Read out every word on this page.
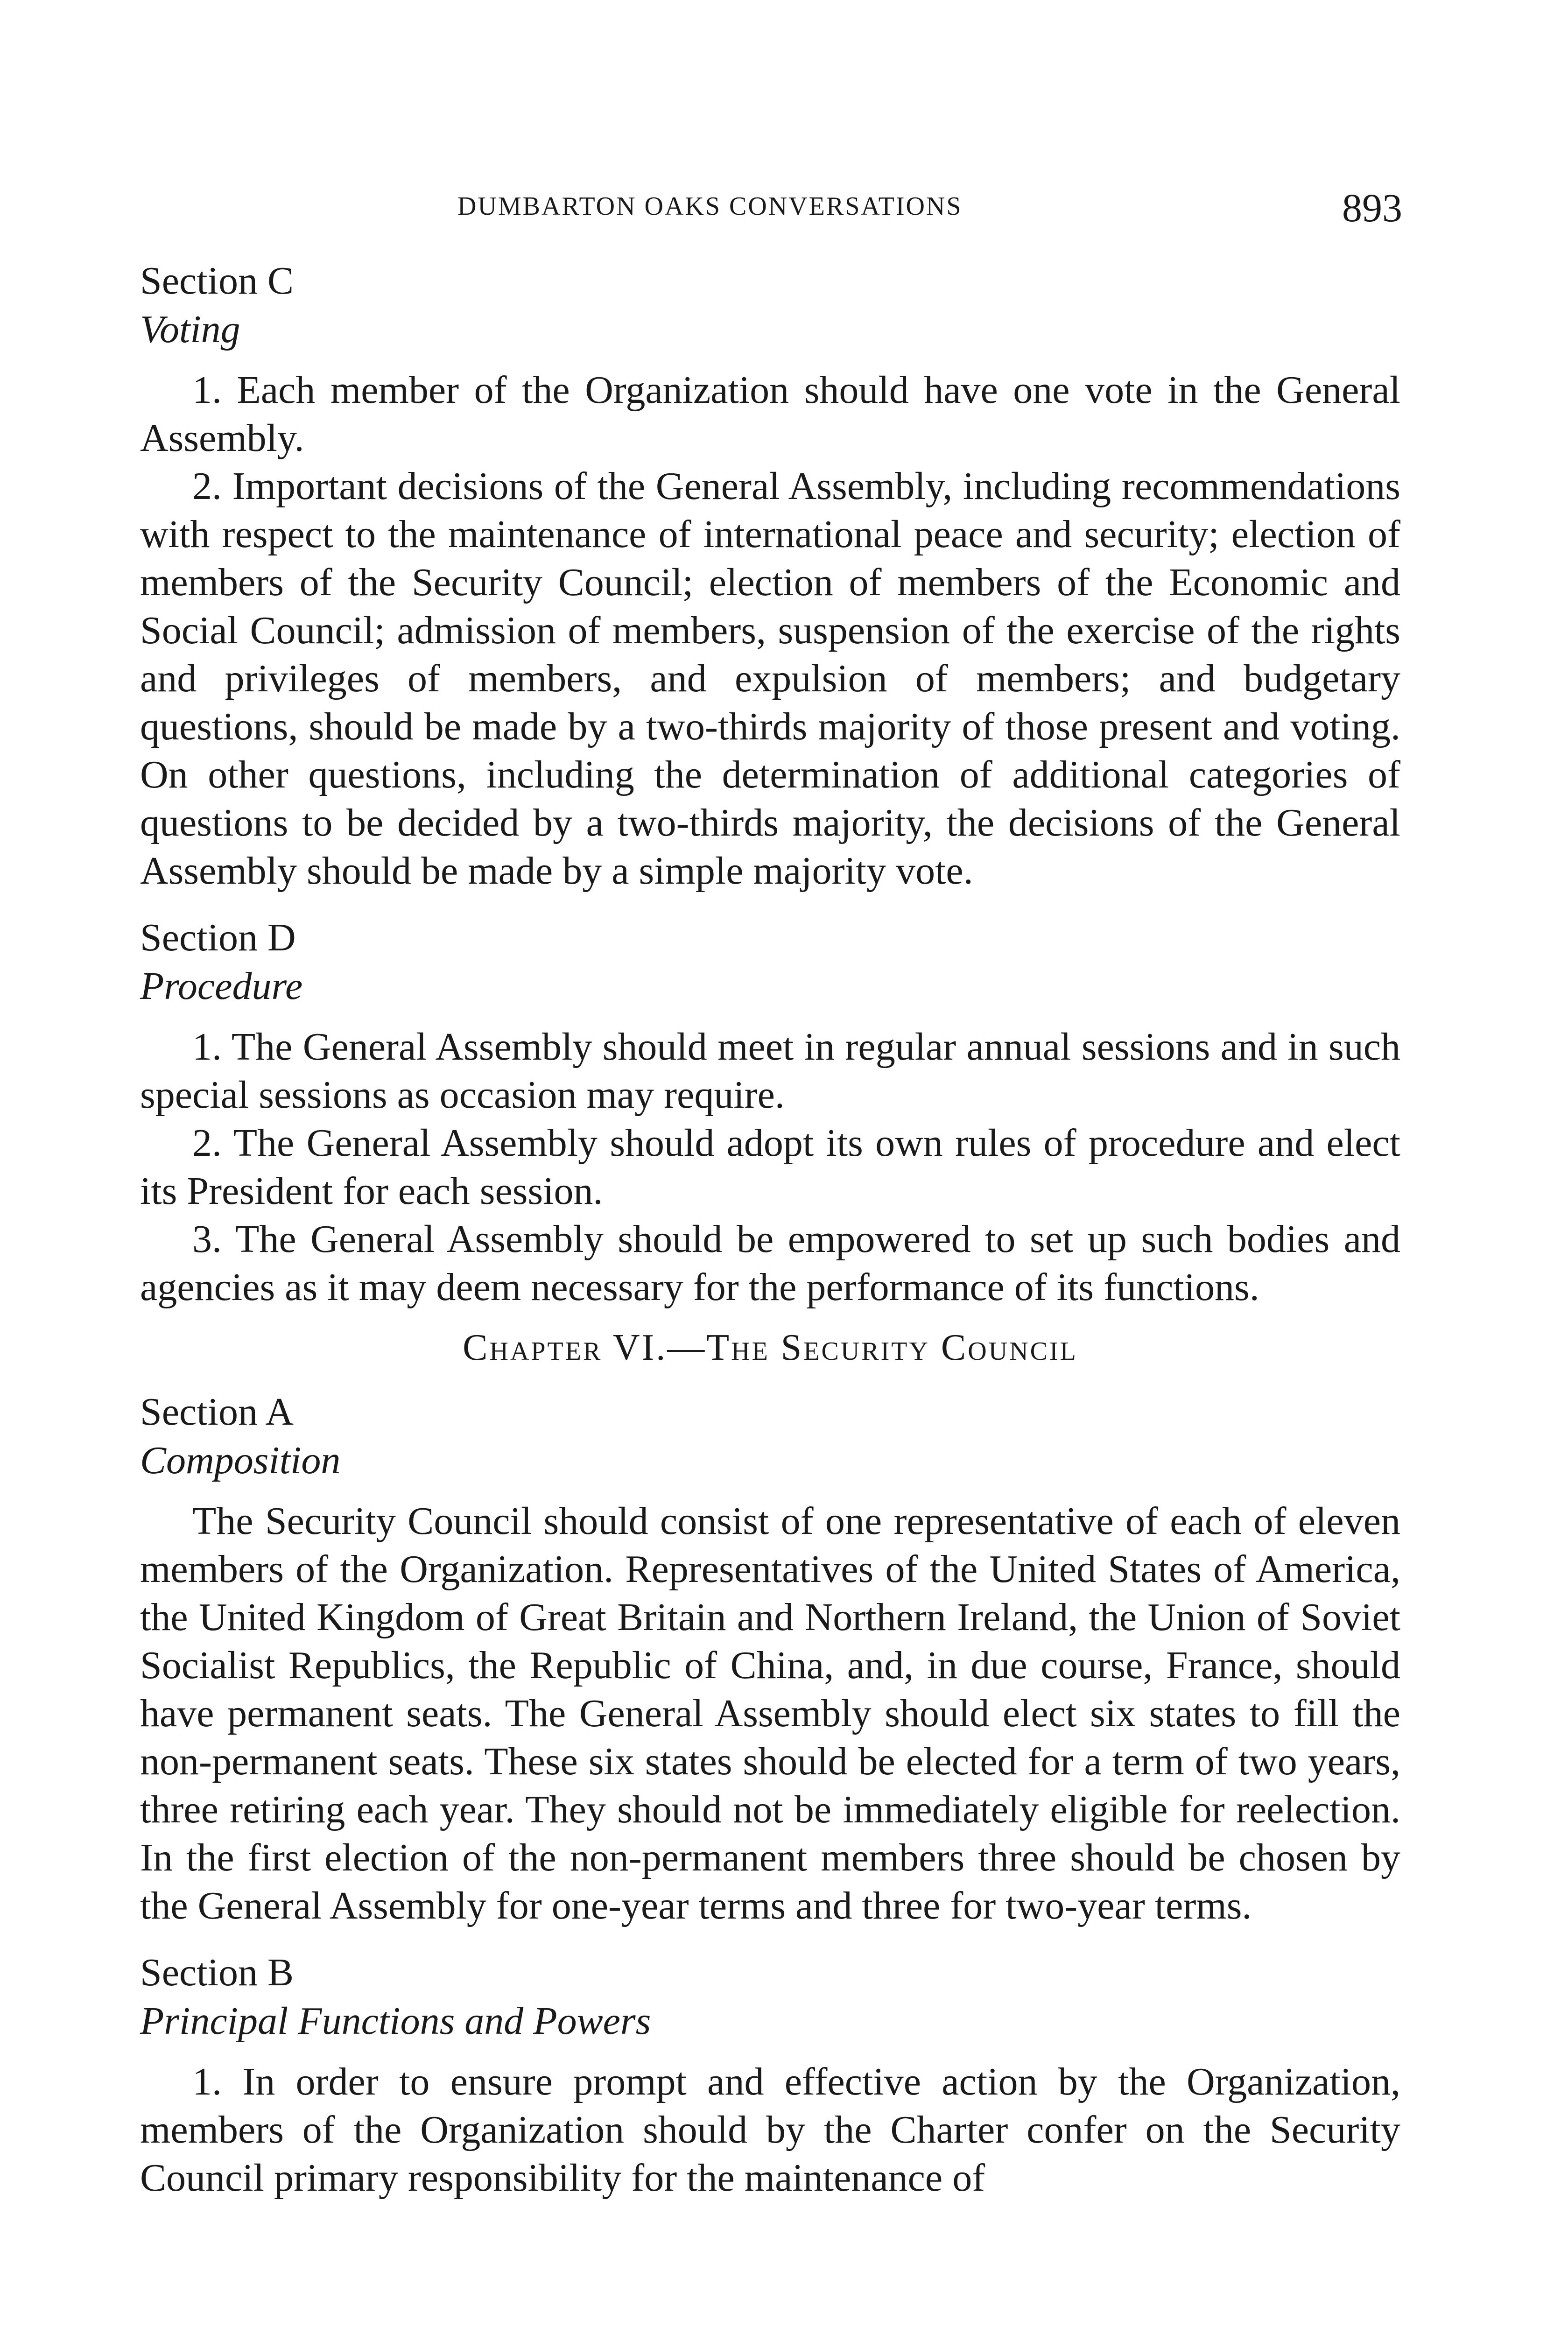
DUMBARTON OAKS CONVERSATIONS	893
Section C
Voting

1. Each member of the Organization should have one vote in the General Assembly.

2. Important decisions of the General Assembly, including recommendations with respect to the maintenance of international peace and security; election of members of the Security Council; election of members of the Economic and Social Council; admission of members, suspension of the exercise of the rights and privileges of members, and expulsion of members; and budgetary questions, should be made by a two-thirds majority of those present and voting. On other questions, including the determination of additional categories of questions to be decided by a two-thirds majority, the decisions of the General Assembly should be made by a simple majority vote.

Section D
Procedure

1. The General Assembly should meet in regular annual sessions and in such special sessions as occasion may require.

2. The General Assembly should adopt its own rules of procedure and elect its President for each session.

3. The General Assembly should be empowered to set up such bodies and agencies as it may deem necessary for the performance of its functions.

Chapter VI.—The Security Council
Section A
Composition

The Security Council should consist of one representative of each of eleven members of the Organization. Representatives of the United States of America, the United Kingdom of Great Britain and Northern Ireland, the Union of Soviet Socialist Republics, the Republic of China, and, in due course, France, should have permanent seats. The General Assembly should elect six states to fill the non-permanent seats. These six states should be elected for a term of two years, three retiring each year. They should not be immediately eligible for reelection. In the first election of the non-permanent members three should be chosen by the General Assembly for one-year terms and three for two-year terms.

Section B
Principal Functions and Powers

1. In order to ensure prompt and effective action by the Organization, members of the Organization should by the Charter confer on the Security Council primary responsibility for the maintenance of
